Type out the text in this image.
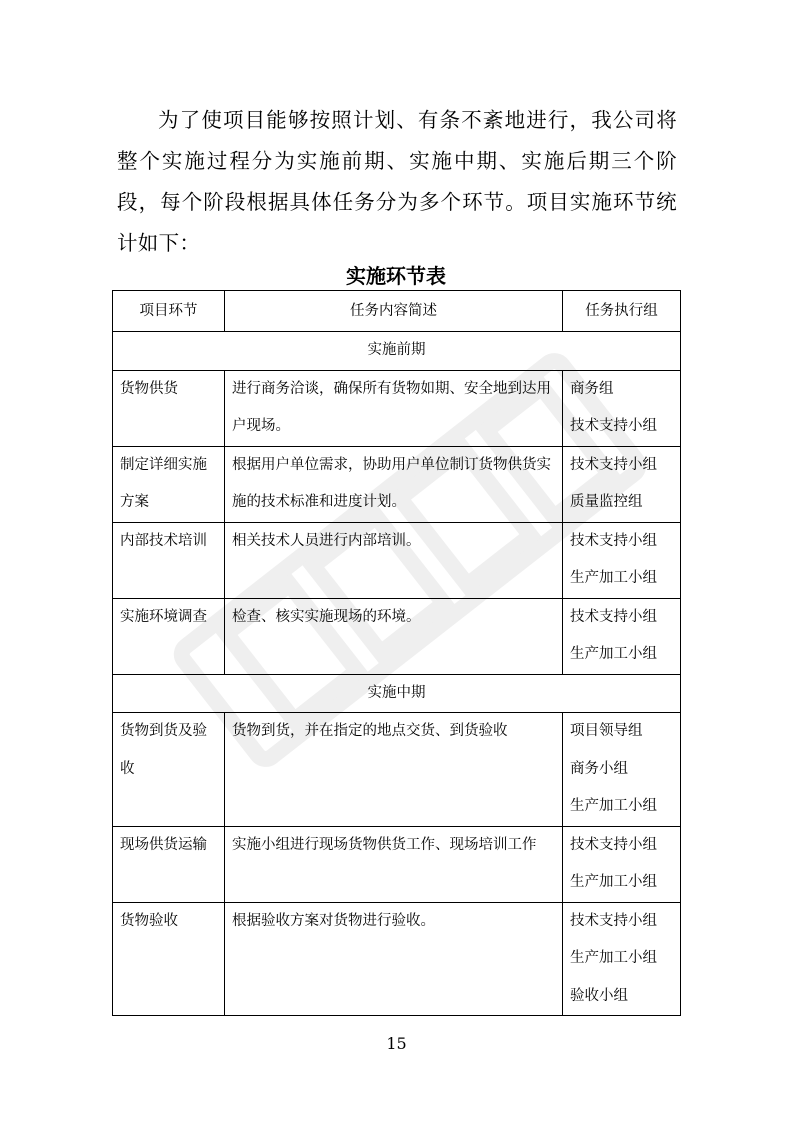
为了使项目能够按照计划、有条不紊地进行，我公司将整个实施过程分为实施前期、实施中期、实施后期三个阶段，每个阶段根据具体任务分为多个环节。项目实施环节统计如下：

实施环节表
项目环节	任务内容简述	任务执行组
实施前期		
货物供货	进行商务洽谈，确保所有货物如期、安全地到达用户现场。	商务组
技术支持小组

制定详细实施方案	根据用户单位需求，协助用户单位制订货物供货实施的技术标准和进度计划。	技术支持小组
质量监控组

内部技术培训	相关技术人员进行内部培训。	技术支持小组
生产加工小组

实施环境调查	检查、核实实施现场的环境。	技术支持小组
生产加工小组

实施中期		
货物到货及验收	货物到货，并在指定的地点交货、到货验收	项目领导组
商务小组
生产加工小组

现场供货运输	实施小组进行现场货物供货工作、现场培训工作	技术支持小组
生产加工小组

货物验收	根据验收方案对货物进行验收。	技术支持小组
生产加工小组
验收小组
15
